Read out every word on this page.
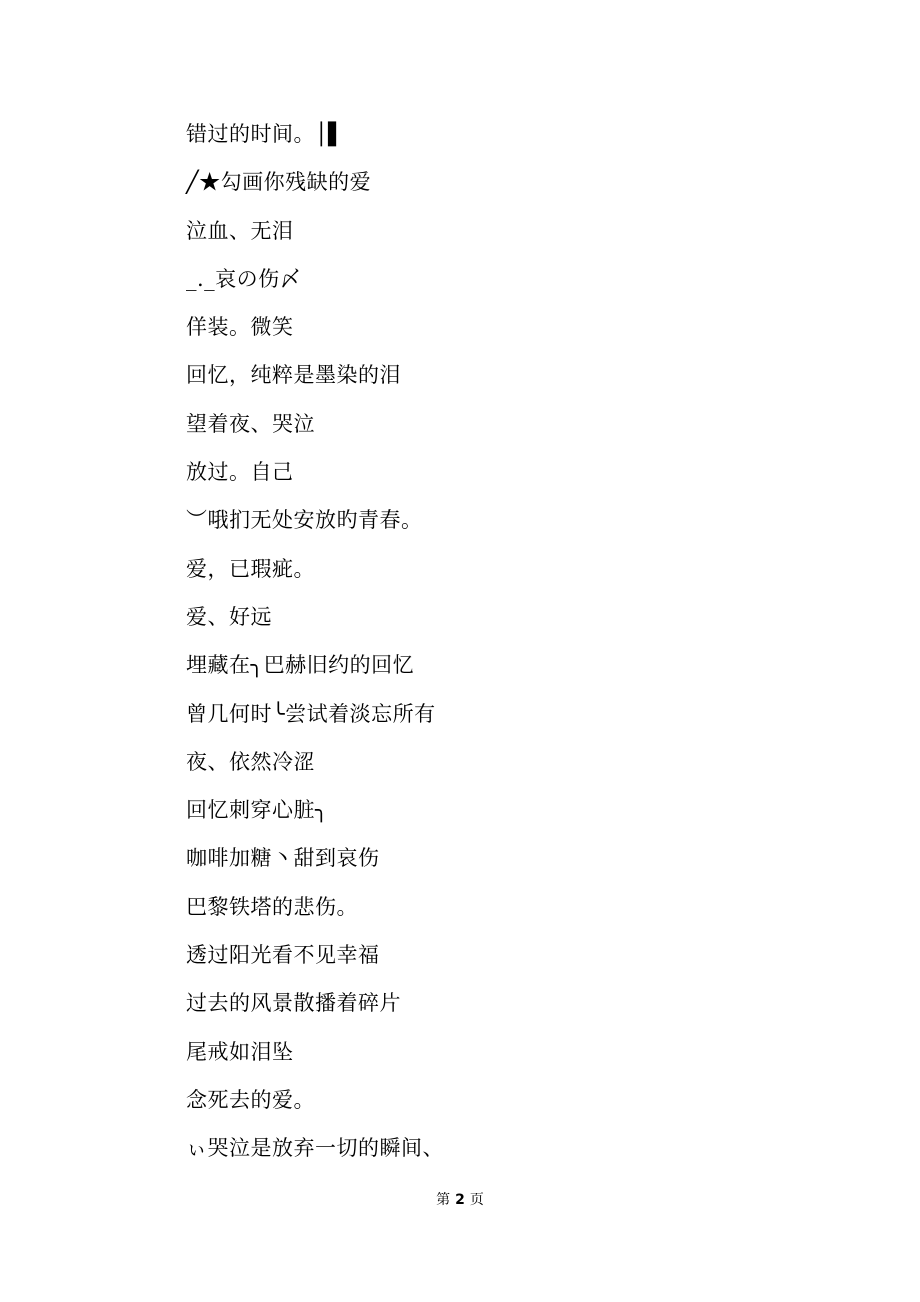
错过的时间。│▌
╱★勾画你残缺的爱
泣血、无泪
_._哀の伤〆
佯装。微笑
回忆，纯粹是墨染的泪
望着夜、哭泣
放过。自己
︶哦扪无处安放旳青春。
爱，已瑕疵。
爱、好远
埋藏在╮巴赫旧约的回忆
曾几何时╰尝试着淡忘所有
夜、依然冷涩
回忆刺穿心脏╮
咖啡加糖丶甜到哀伤
巴黎铁塔的悲伤。
透过阳光看不见幸福
过去的风景散播着碎片
尾戒如泪坠
念死去的爱。
ぃ哭泣是放弃一切的瞬间、
第 2 页
